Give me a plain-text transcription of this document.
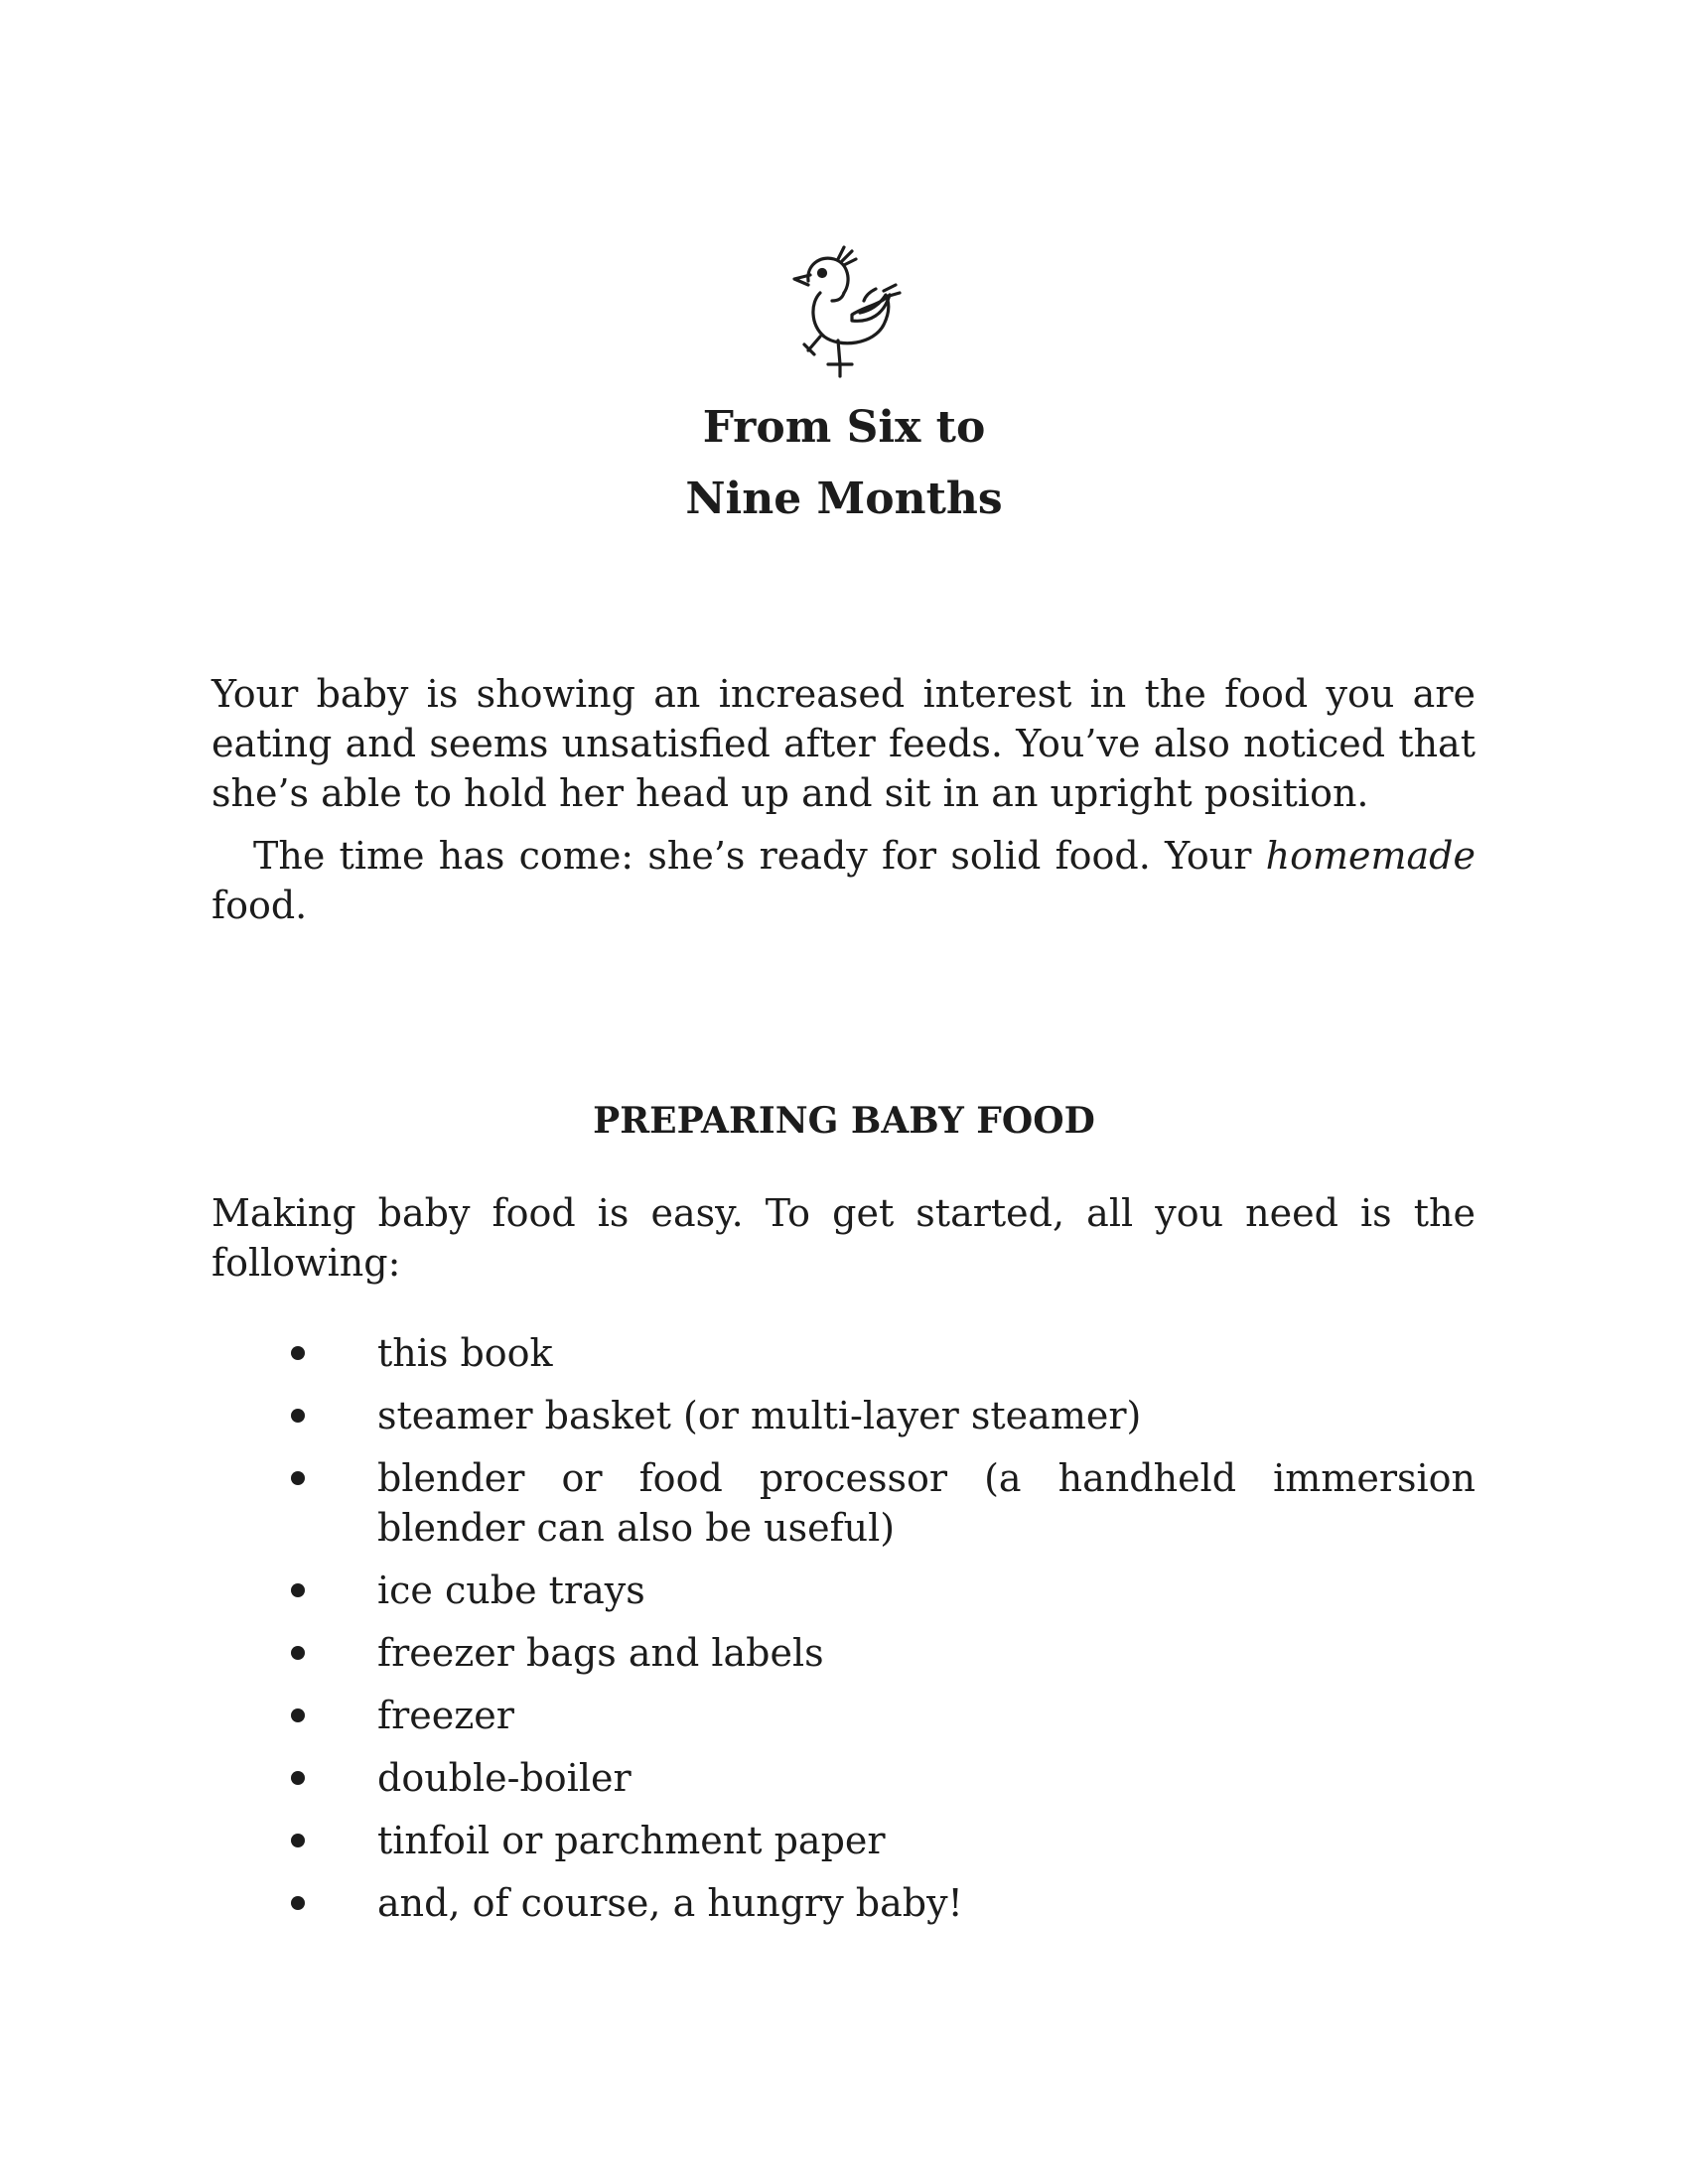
From Six to
Nine Months

Your baby is showing an increased interest in the food you are eating and seems unsatisfied after feeds. You’ve also noticed that she’s able to hold her head up and sit in an upright position.

The time has come: she’s ready for solid food. Your homemade food.

PREPARING BABY FOOD

Making baby food is easy. To get started, all you need is the following:

this book
steamer basket (or multi-layer steamer)
blender or food processor (a handheld immersion blender can also be useful)
ice cube trays
freezer bags and labels
freezer
double-boiler
tinfoil or parchment paper
and, of course, a hungry baby!
